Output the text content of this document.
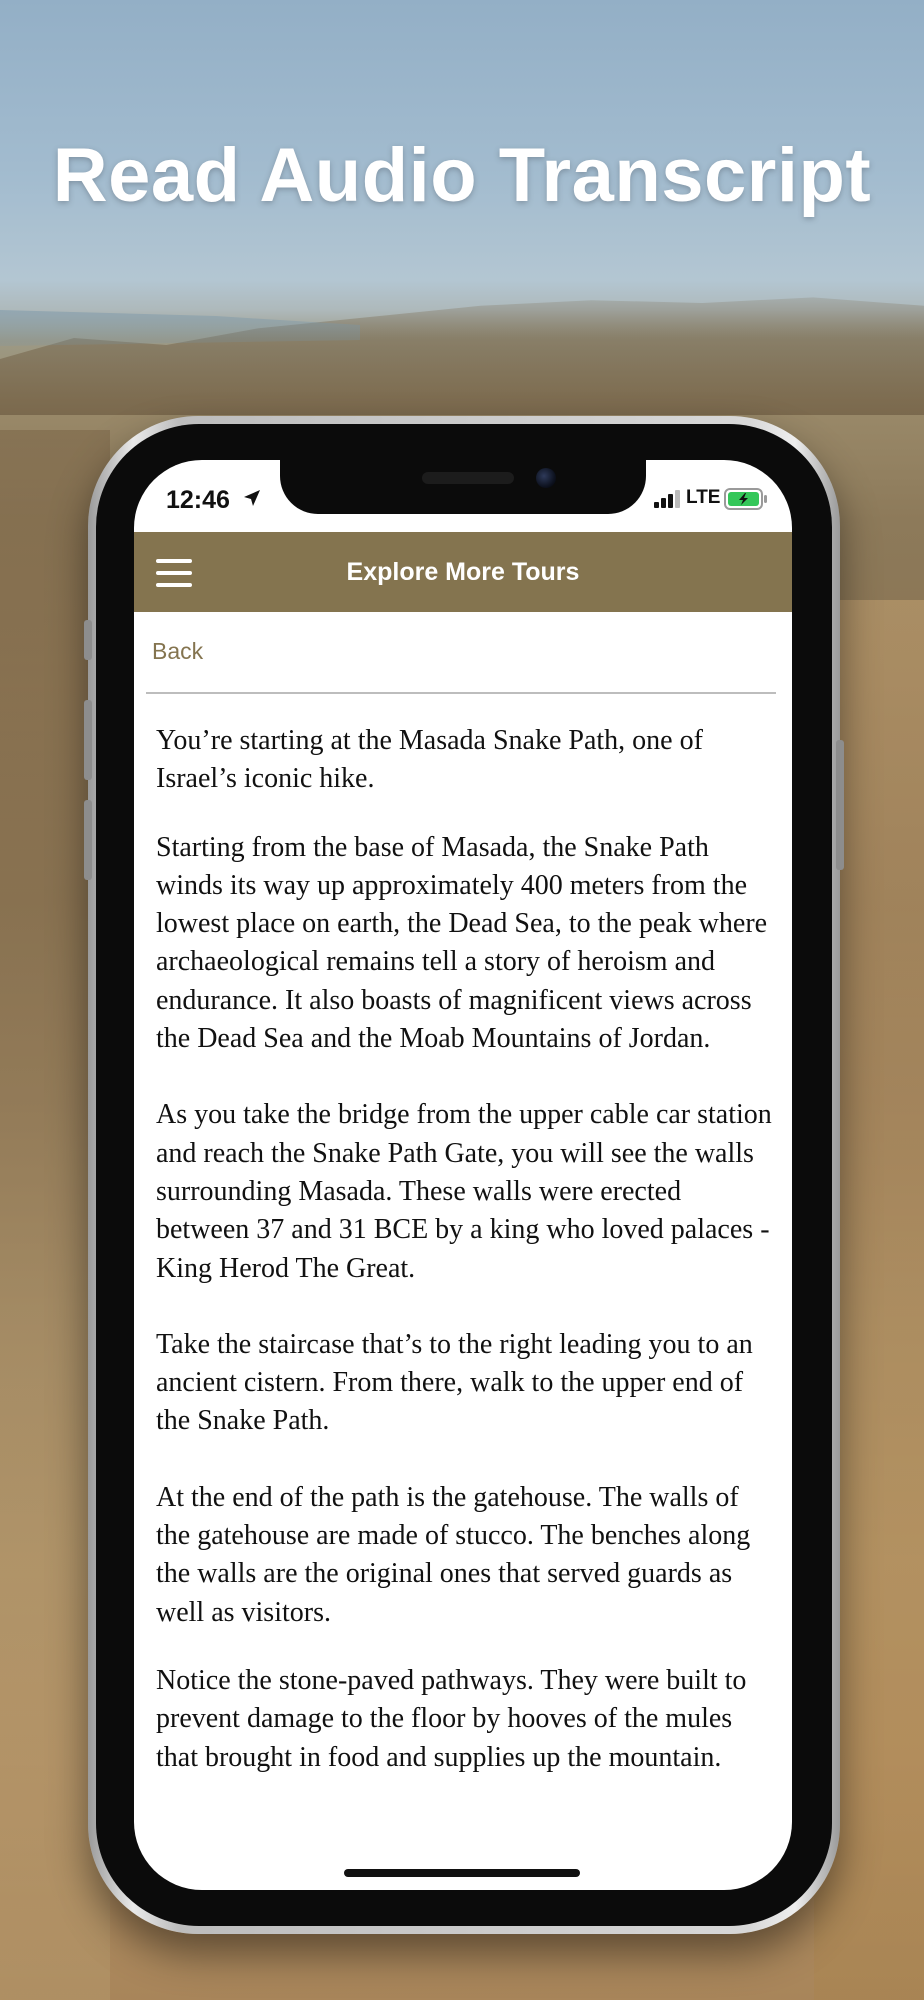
Read Audio Transcript
12:46	LTE
Explore More Tours
Back

You’re starting at the Masada Snake Path, one of Israel’s iconic hike.

Starting from the base of Masada, the Snake Path winds its way up approximately 400 meters from the lowest place on earth, the Dead Sea, to the peak where archaeological remains tell a story of heroism and endurance. It also boasts of magnificent views across the Dead Sea and the Moab Mountains of Jordan.

As you take the bridge from the upper cable car station and reach the Snake Path Gate, you will see the walls surrounding Masada. These walls were erected between 37 and 31 BCE by a king who loved palaces - King Herod The Great.

Take the staircase that’s to the right leading you to an ancient cistern. From there, walk to the upper end of the Snake Path.

At the end of the path is the gatehouse. The walls of the gatehouse are made of stucco. The benches along the walls are the original ones that served guards as well as visitors.

Notice the stone-paved pathways. They were built to prevent damage to the floor by hooves of the mules that brought in food and supplies up the mountain.
